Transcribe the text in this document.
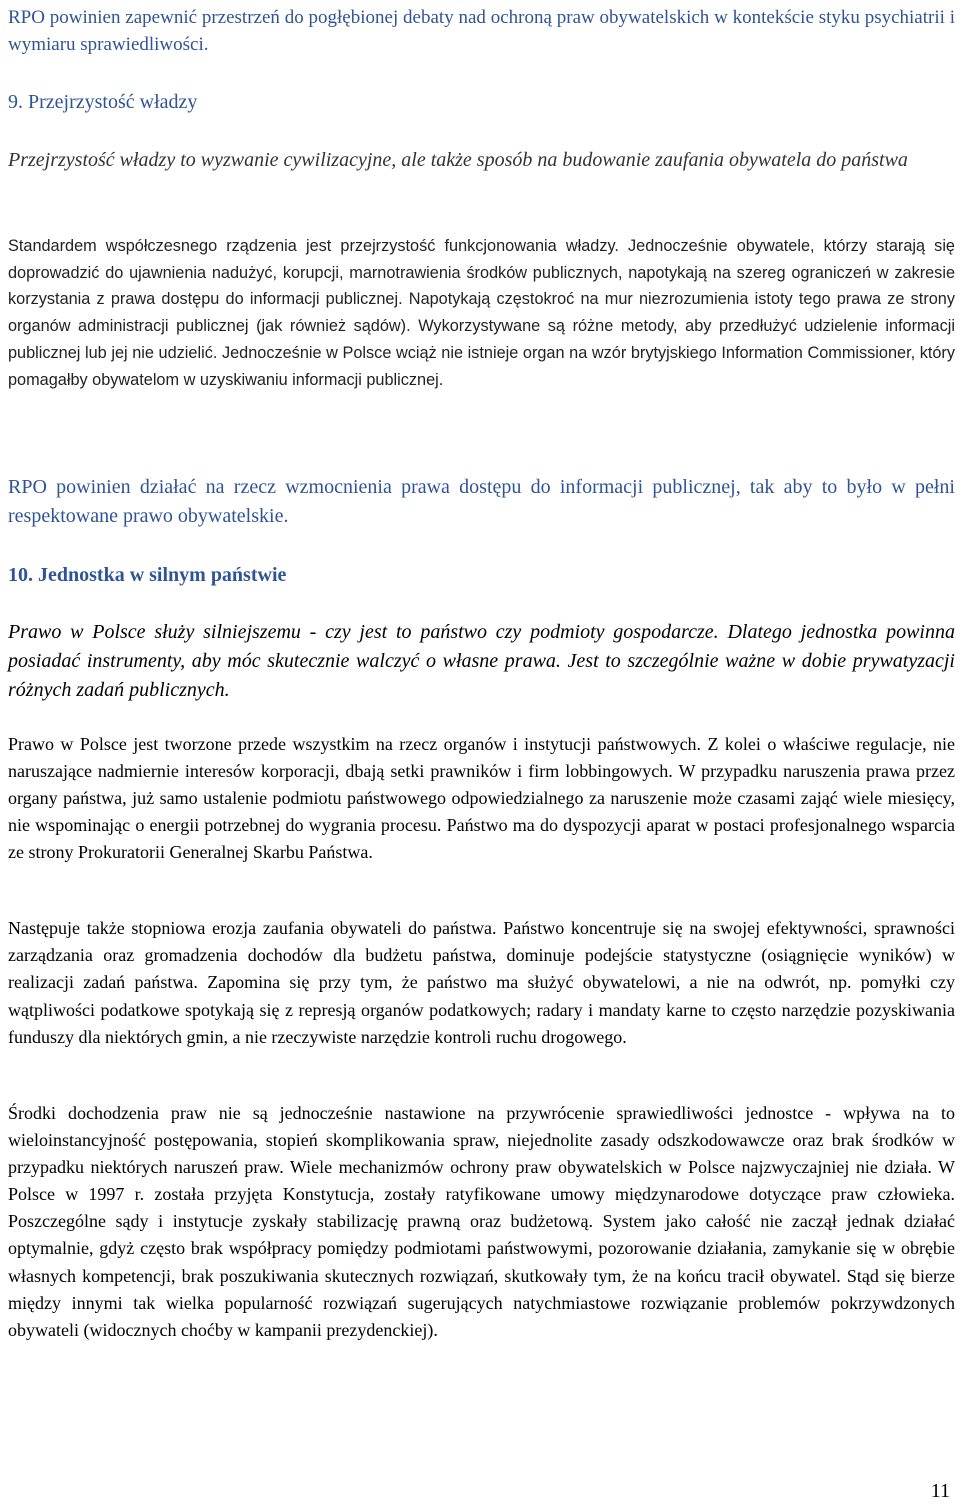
RPO powinien zapewnić przestrzeń do pogłębionej debaty nad ochroną praw obywatelskich w kontekście styku psychiatrii i wymiaru sprawiedliwości.

9. Przejrzystość władzy

Przejrzystość władzy to wyzwanie cywilizacyjne, ale także sposób na budowanie zaufania obywatela do państwa

Standardem współczesnego rządzenia jest przejrzystość funkcjonowania władzy. Jednocześnie obywatele, którzy starają się doprowadzić do ujawnienia nadużyć, korupcji, marnotrawienia środków publicznych, napotykają na szereg ograniczeń w zakresie korzystania z prawa dostępu do informacji publicznej. Napotykają częstokroć na mur niezrozumienia istoty tego prawa ze strony organów administracji publicznej (jak również sądów). Wykorzystywane są różne metody, aby przedłużyć udzielenie informacji publicznej lub jej nie udzielić. Jednocześnie w Polsce wciąż nie istnieje organ na wzór brytyjskiego Information Commissioner, który pomagałby obywatelom w uzyskiwaniu informacji publicznej.

RPO powinien działać na rzecz wzmocnienia prawa dostępu do informacji publicznej, tak aby to było w pełni respektowane prawo obywatelskie.

10. Jednostka w silnym państwie

Prawo w Polsce służy silniejszemu - czy jest to państwo czy podmioty gospodarcze. Dlatego jednostka powinna posiadać instrumenty, aby móc skutecznie walczyć o własne prawa. Jest to szczególnie ważne w dobie prywatyzacji różnych zadań publicznych.

Prawo w Polsce jest tworzone przede wszystkim na rzecz organów i instytucji państwowych. Z kolei o właściwe regulacje, nie naruszające nadmiernie interesów korporacji, dbają setki prawników i firm lobbingowych. W przypadku naruszenia prawa przez organy państwa, już samo ustalenie podmiotu państwowego odpowiedzialnego za naruszenie może czasami zająć wiele miesięcy, nie wspominając o energii potrzebnej do wygrania procesu. Państwo ma do dyspozycji aparat w postaci profesjonalnego wsparcia ze strony Prokuratorii Generalnej Skarbu Państwa.

Następuje także stopniowa erozja zaufania obywateli do państwa. Państwo koncentruje się na swojej efektywności, sprawności zarządzania oraz gromadzenia dochodów dla budżetu państwa, dominuje podejście statystyczne (osiągnięcie wyników) w realizacji zadań państwa. Zapomina się przy tym, że państwo ma służyć obywatelowi, a nie na odwrót, np. pomyłki czy wątpliwości podatkowe spotykają się z represją organów podatkowych; radary i mandaty karne to często narzędzie pozyskiwania funduszy dla niektórych gmin, a nie rzeczywiste narzędzie kontroli ruchu drogowego.

Środki dochodzenia praw nie są jednocześnie nastawione na przywrócenie sprawiedliwości jednostce - wpływa na to wieloinstancyjność postępowania, stopień skomplikowania spraw, niejednolite zasady odszkodowawcze oraz brak środków w przypadku niektórych naruszeń praw. Wiele mechanizmów ochrony praw obywatelskich w Polsce najzwyczajniej nie działa. W Polsce w 1997 r. została przyjęta Konstytucja, zostały ratyfikowane umowy międzynarodowe dotyczące praw człowieka. Poszczególne sądy i instytucje zyskały stabilizację prawną oraz budżetową. System jako całość nie zaczął jednak działać optymalnie, gdyż często brak współpracy pomiędzy podmiotami państwowymi, pozorowanie działania, zamykanie się w obrębie własnych kompetencji, brak poszukiwania skutecznych rozwiązań, skutkowały tym, że na końcu tracił obywatel. Stąd się bierze między innymi tak wielka popularność rozwiązań sugerujących natychmiastowe rozwiązanie problemów pokrzywdzonych obywateli (widocznych choćby w kampanii prezydenckiej).

11
